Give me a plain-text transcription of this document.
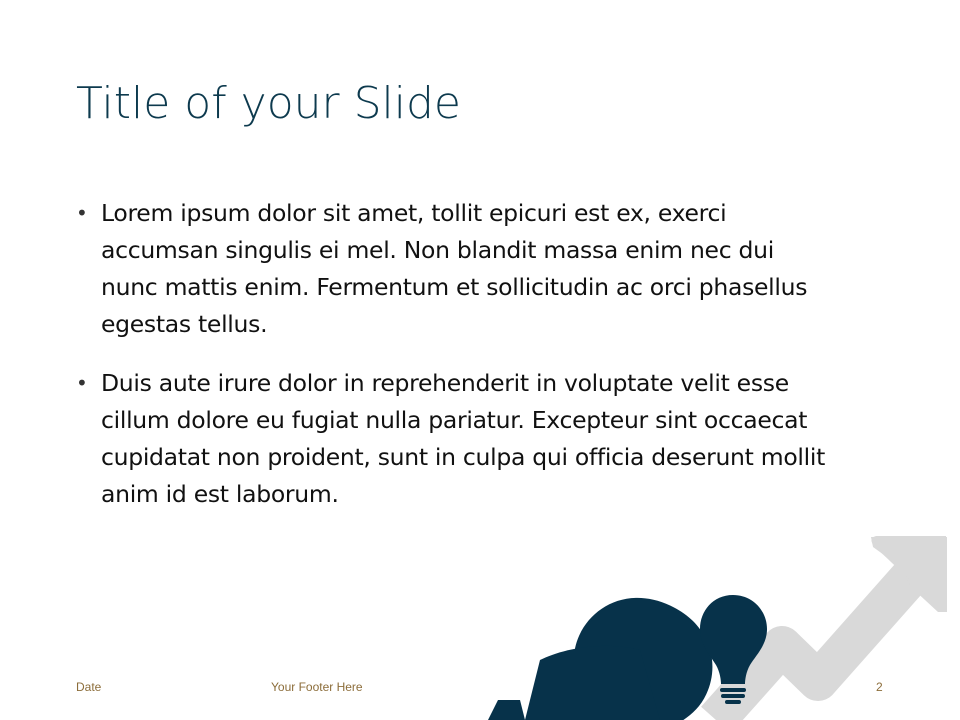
Title of your Slide
• Lorem ipsum dolor sit amet, tollit epicuri est ex, exerci accumsan singulis ei mel. Non blandit massa enim nec dui nunc mattis enim. Fermentum et sollicitudin ac orci phasellus egestas tellus.
• Duis aute irure dolor in reprehenderit in voluptate velit esse cillum dolore eu fugiat nulla pariatur. Excepteur sint occaecat cupidatat non proident, sunt in culpa qui officia deserunt mollit anim id est laborum.
Date	Your Footer Here	2
